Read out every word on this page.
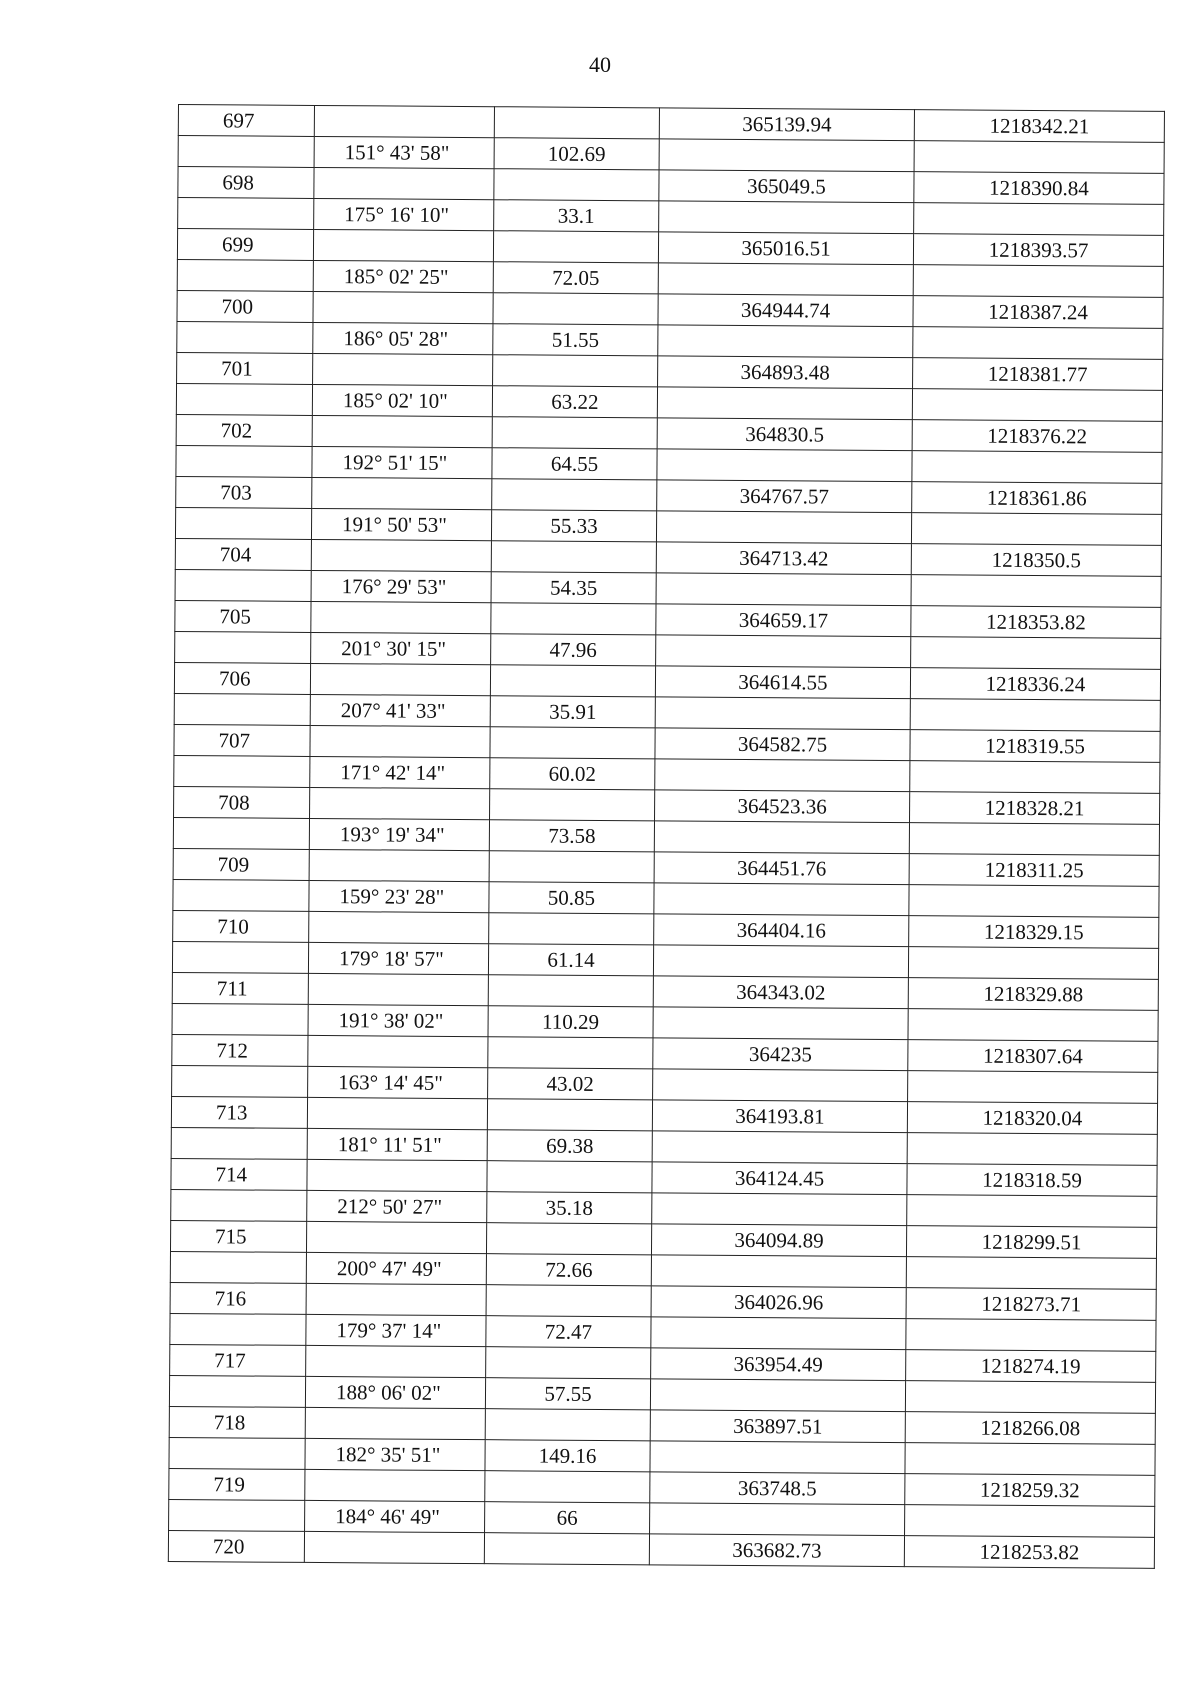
40
697			365139.94	1218342.21
	151° 43' 58"	102.69		
698			365049.5	1218390.84
	175° 16' 10"	33.1		
699			365016.51	1218393.57
	185° 02' 25"	72.05		
700			364944.74	1218387.24
	186° 05' 28"	51.55		
701			364893.48	1218381.77
	185° 02' 10"	63.22		
702			364830.5	1218376.22
	192° 51' 15"	64.55		
703			364767.57	1218361.86
	191° 50' 53"	55.33		
704			364713.42	1218350.5
	176° 29' 53"	54.35		
705			364659.17	1218353.82
	201° 30' 15"	47.96		
706			364614.55	1218336.24
	207° 41' 33"	35.91		
707			364582.75	1218319.55
	171° 42' 14"	60.02		
708			364523.36	1218328.21
	193° 19' 34"	73.58		
709			364451.76	1218311.25
	159° 23' 28"	50.85		
710			364404.16	1218329.15
	179° 18' 57"	61.14		
711			364343.02	1218329.88
	191° 38' 02"	110.29		
712			364235	1218307.64
	163° 14' 45"	43.02		
713			364193.81	1218320.04
	181° 11' 51"	69.38		
714			364124.45	1218318.59
	212° 50' 27"	35.18		
715			364094.89	1218299.51
	200° 47' 49"	72.66		
716			364026.96	1218273.71
	179° 37' 14"	72.47		
717			363954.49	1218274.19
	188° 06' 02"	57.55		
718			363897.51	1218266.08
	182° 35' 51"	149.16		
719			363748.5	1218259.32
	184° 46' 49"	66		
720			363682.73	1218253.82
